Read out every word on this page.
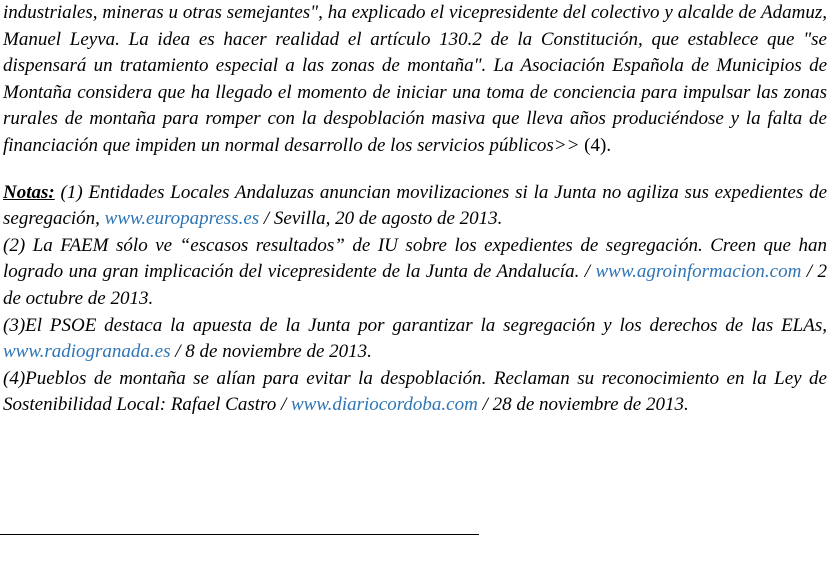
industriales, mineras u otras semejantes", ha explicado el vicepresidente del colectivo y alcalde de Adamuz, Manuel Leyva. La idea es hacer realidad el artículo 130.2 de la Constitución, que establece que "se dispensará un tratamiento especial a las zonas de montaña". La Asociación Española de Municipios de Montaña considera que ha llegado el momento de iniciar una toma de conciencia para impulsar las zonas rurales de montaña para romper con la despoblación masiva que lleva años produciéndose y la falta de financiación que impiden un normal desarrollo de los servicios públicos>> (4).

Notas: (1) Entidades Locales Andaluzas anuncian movilizaciones si la Junta no agiliza sus expedientes de segregación, www.europapress.es / Sevilla, 20 de agosto de 2013.

(2) La FAEM sólo ve “escasos resultados” de IU sobre los expedientes de segregación. Creen que han logrado una gran implicación del vicepresidente de la Junta de Andalucía. / www.agroinformacion.com / 2 de octubre de 2013.

(3)El PSOE destaca la apuesta de la Junta por garantizar la segregación y los derechos de las ELAs, www.radiogranada.es / 8 de noviembre de 2013.

(4)Pueblos de montaña se alían para evitar la despoblación. Reclaman su reconocimiento en la Ley de Sostenibilidad Local: Rafael Castro / www.diariocordoba.com / 28 de noviembre de 2013.
